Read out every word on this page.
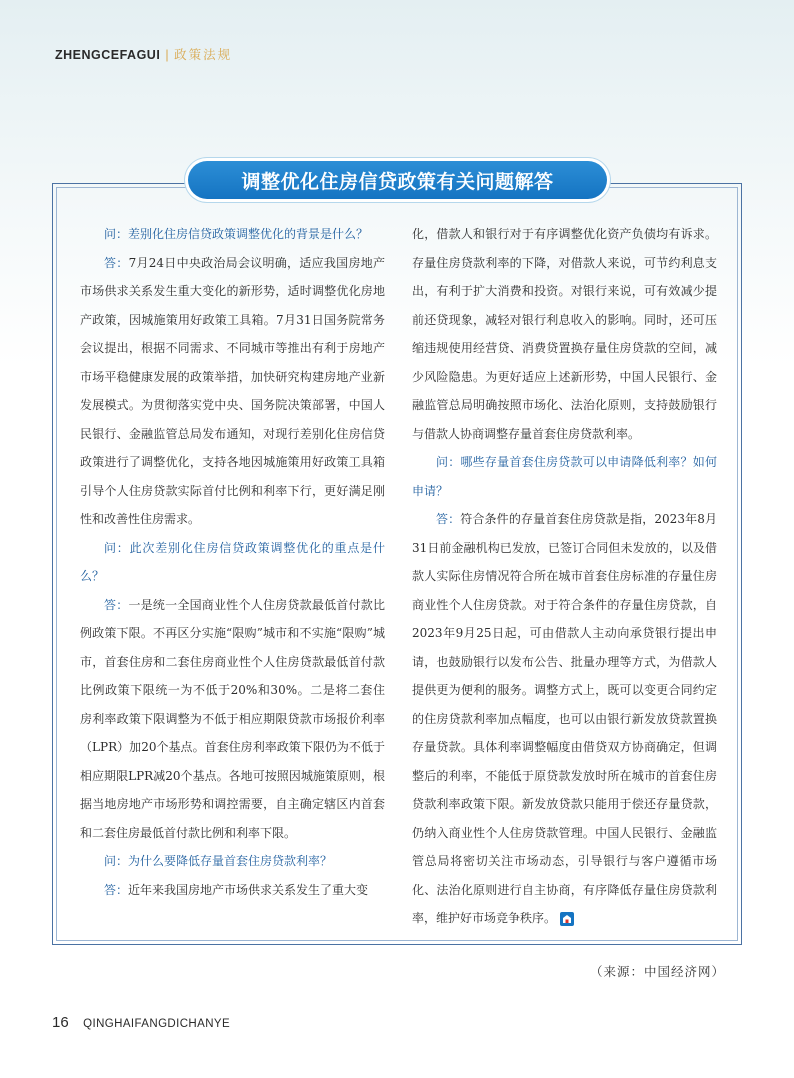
ZHENGCEFAGUI | 政策法规
调整优化住房信贷政策有关问题解答

问：差别化住房信贷政策调整优化的背景是什么？

答：7月24日中央政治局会议明确，适应我国房地产市场供求关系发生重大变化的新形势，适时调整优化房地产政策，因城施策用好政策工具箱。7月31日国务院常务会议提出，根据不同需求、不同城市等推出有利于房地产市场平稳健康发展的政策举措，加快研究构建房地产业新发展模式。为贯彻落实党中央、国务院决策部署，中国人民银行、金融监管总局发布通知，对现行差别化住房信贷政策进行了调整优化，支持各地因城施策用好政策工具箱引导个人住房贷款实际首付比例和利率下行，更好满足刚性和改善性住房需求。

问：此次差别化住房信贷政策调整优化的重点是什么？

答：一是统一全国商业性个人住房贷款最低首付款比例政策下限。不再区分实施“限购”城市和不实施“限购”城市，首套住房和二套住房商业性个人住房贷款最低首付款比例政策下限统一为不低于20%和30%。二是将二套住房利率政策下限调整为不低于相应期限贷款市场报价利率（LPR）加20个基点。首套住房利率政策下限仍为不低于相应期限LPR减20个基点。各地可按照因城施策原则，根据当地房地产市场形势和调控需要，自主确定辖区内首套和二套住房最低首付款比例和利率下限。

问：为什么要降低存量首套住房贷款利率？

答：近年来我国房地产市场供求关系发生了重大变

化，借款人和银行对于有序调整优化资产负债均有诉求。存量住房贷款利率的下降，对借款人来说，可节约利息支出，有利于扩大消费和投资。对银行来说，可有效减少提前还贷现象，减轻对银行利息收入的影响。同时，还可压缩违规使用经营贷、消费贷置换存量住房贷款的空间，减少风险隐患。为更好适应上述新形势，中国人民银行、金融监管总局明确按照市场化、法治化原则，支持鼓励银行与借款人协商调整存量首套住房贷款利率。

问：哪些存量首套住房贷款可以申请降低利率？如何申请？

答：符合条件的存量首套住房贷款是指，2023年8月31日前金融机构已发放，已签订合同但未发放的，以及借款人实际住房情况符合所在城市首套住房标准的存量住房商业性个人住房贷款。对于符合条件的存量住房贷款，自2023年9月25日起，可由借款人主动向承贷银行提出申请，也鼓励银行以发布公告、批量办理等方式，为借款人提供更为便利的服务。调整方式上，既可以变更合同约定的住房贷款利率加点幅度，也可以由银行新发放贷款置换存量贷款。具体利率调整幅度由借贷双方协商确定，但调整后的利率，不能低于原贷款发放时所在城市的首套住房贷款利率政策下限。新发放贷款只能用于偿还存量贷款，仍纳入商业性个人住房贷款管理。中国人民银行、金融监管总局将密切关注市场动态，引导银行与客户遵循市场化、法治化原则进行自主协商，有序降低存量住房贷款利率，维护好市场竞争秩序。

（来源：中国经济网）
16 QINGHAIFANGDICHANYE
